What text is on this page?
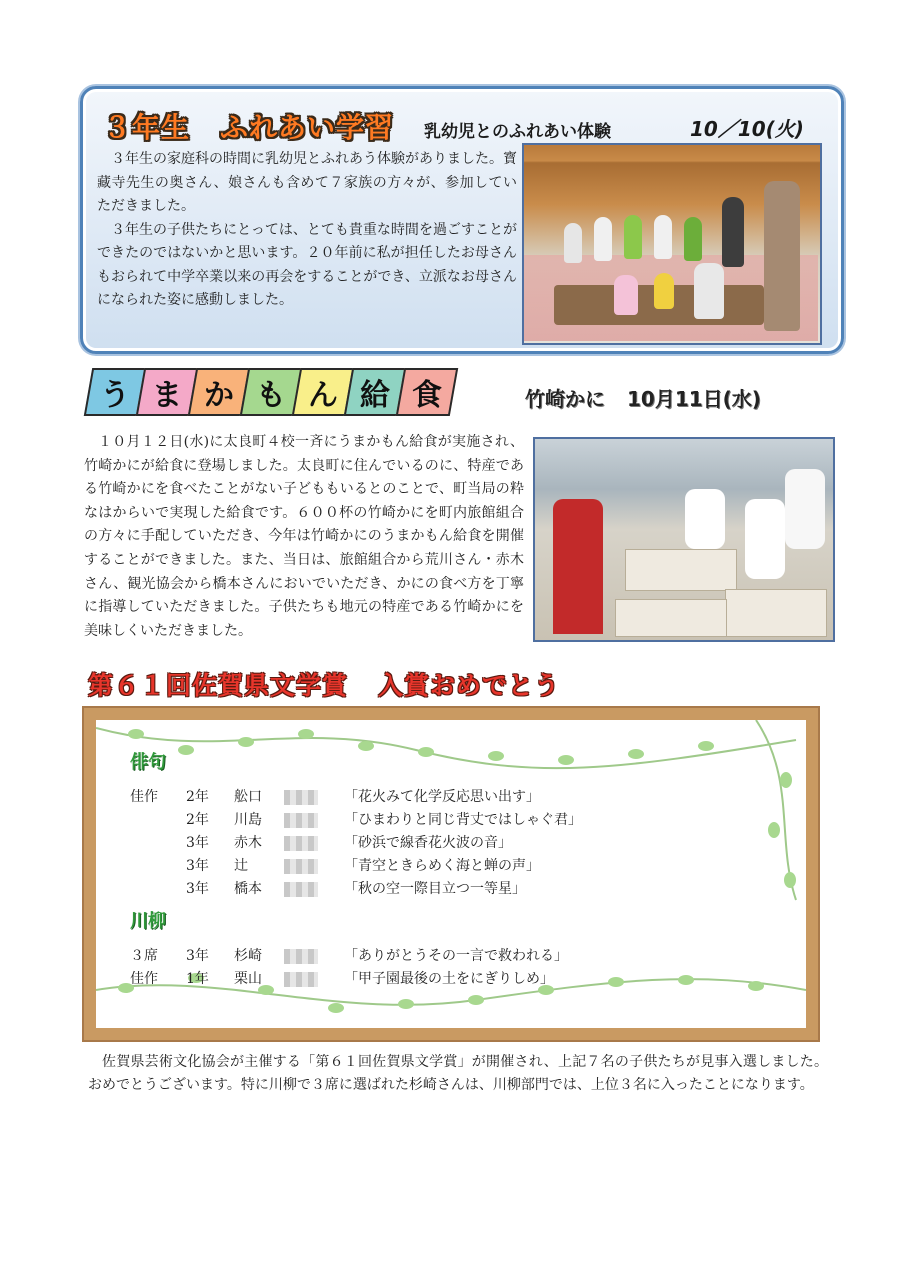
３年生 ふれあい学習 乳幼児とのふれあい体験	10／10(火)

３年生の家庭科の時間に乳幼児とふれあう体験がありました。寳藏寺先生の奥さん、娘さんも含めて７家族の方々が、参加していただきました。

３年生の子供たちにとっては、とても貴重な時間を過ごすことができたのではないかと思います。２０年前に私が担任したお母さんもおられて中学卒業以来の再会をすることができ、立派なお母さんになられた姿に感動しました。

う ま か も ん 給 食	竹崎かに 10月11日(水)

１０月１２日(水)に太良町４校一斉にうまかもん給食が実施され、竹崎かにが給食に登場しました。太良町に住んでいるのに、特産である竹崎かにを食べたことがない子どももいるとのことで、町当局の粋なはからいで実現した給食です。６００杯の竹崎かにを町内旅館組合の方々に手配していただき、今年は竹崎かにのうまかもん給食を開催することができました。また、当日は、旅館組合から荒川さん・赤木さん、観光協会から橋本さんにおいでいただき、かにの食べ方を丁寧に指導していただきました。子供たちも地元の特産である竹崎かにを美味しくいただきました。

第６１回佐賀県文学賞 入賞おめでとう
俳句
佳作 2年 舩口	「花火みて化学反応思い出す」
2年 川島	「ひまわりと同じ背丈ではしゃぐ君」
3年 赤木	「砂浜で線香花火波の音」
3年 辻	「青空ときらめく海と蝉の声」
3年 橋本	「秋の空一際目立つ一等星」
川柳
３席 3年 杉崎	「ありがとうその一言で救われる」
佳作 1年 栗山	「甲子園最後の土をにぎりしめ」

佐賀県芸術文化協会が主催する「第６１回佐賀県文学賞」が開催され、上記７名の子供たちが見事入選しました。おめでとうございます。特に川柳で３席に選ばれた杉崎さんは、川柳部門では、上位３名に入ったことになります。
